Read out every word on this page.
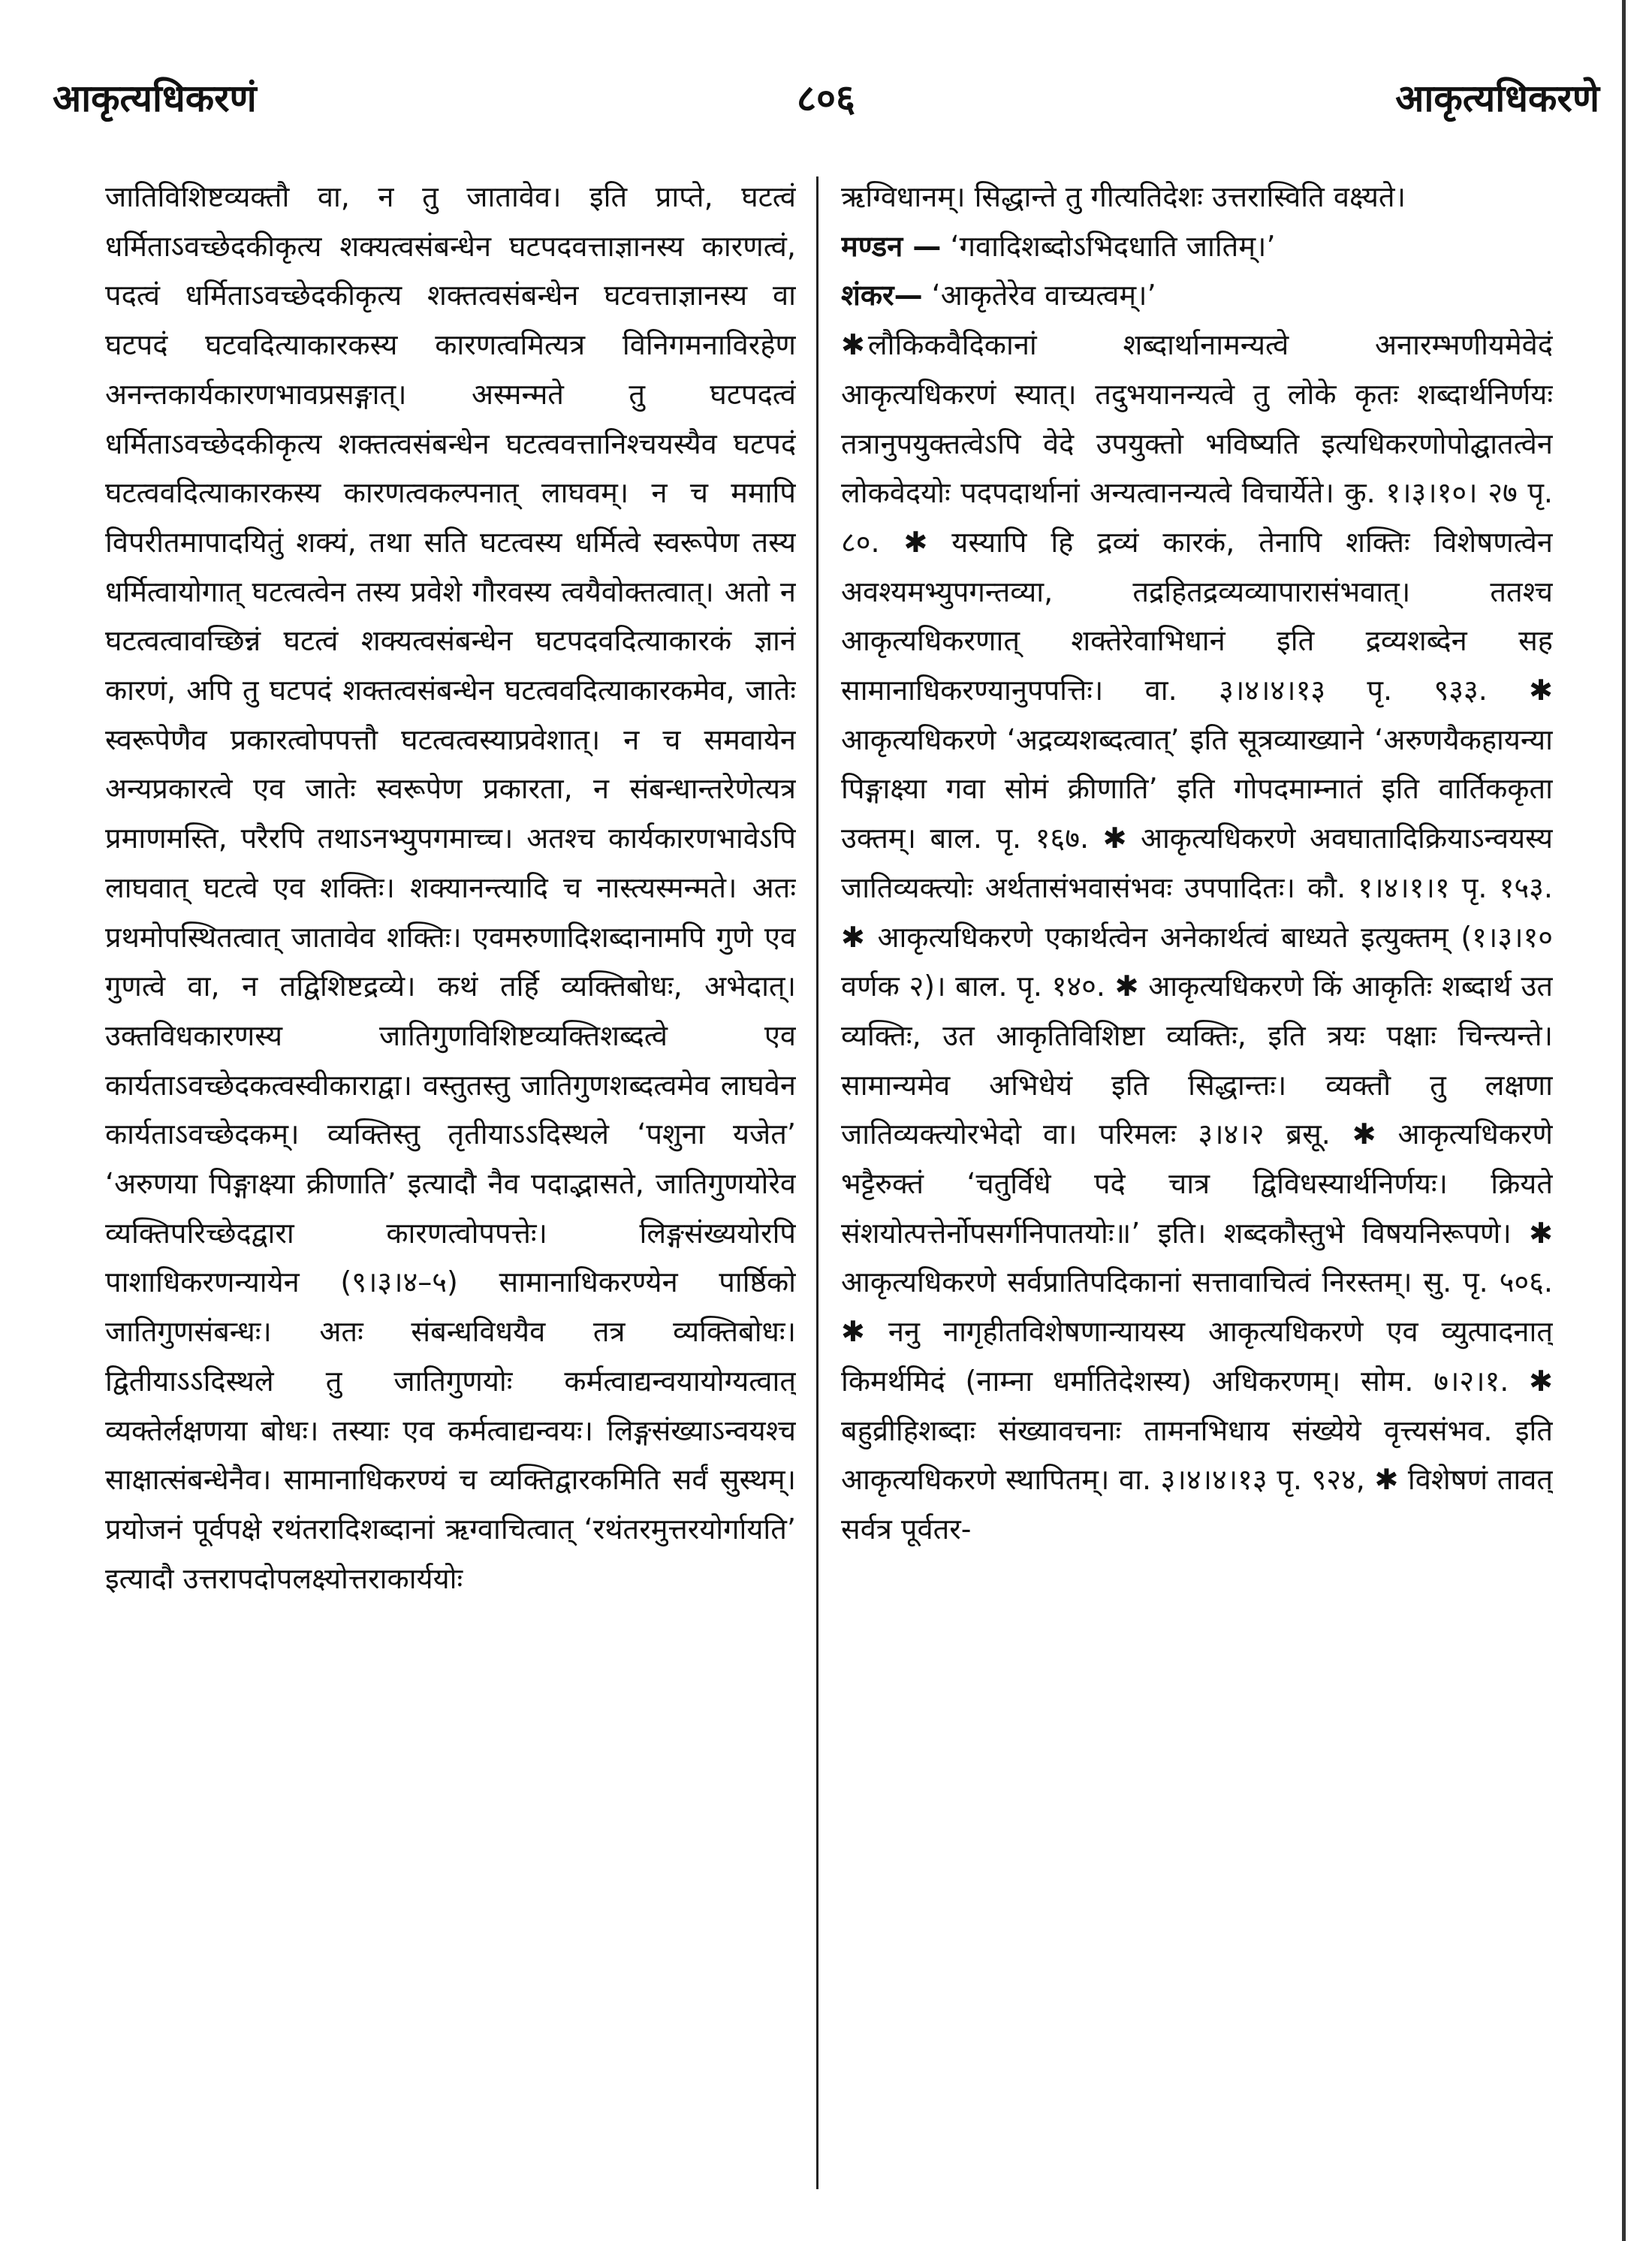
आकृत्यधिकरणं	८०६	आकृत्यधिकरणे

जातिविशिष्टव्यक्तौ वा, न तु जातावेव। इति प्राप्ते, घटत्वं धर्मिताऽवच्छेदकीकृत्य शक्यत्वसंबन्धेन घटपदवत्ताज्ञानस्य कारणत्वं, पदत्वं धर्मिताऽवच्छेदकीकृत्य शक्तत्वसंबन्धेन घटवत्ताज्ञानस्य वा घटपदं घटवदित्याकारकस्य कारणत्वमित्यत्र विनिगमनाविरहेण अनन्तकार्यकारणभावप्रसङ्गात्। अस्मन्मते तु घटपदत्वं धर्मिताऽवच्छेदकीकृत्य शक्तत्वसंबन्धेन घटत्ववत्तानिश्चयस्यैव घटपदं घटत्ववदित्याकारकस्य कारणत्वकल्पनात् लाघवम्। न च ममापि विपरीतमापादयितुं शक्यं, तथा सति घटत्वस्य धर्मित्वे स्वरूपेण तस्य धर्मित्वायोगात् घटत्वत्वेन तस्य प्रवेशे गौरवस्य त्वयैवोक्तत्वात्। अतो न घटत्वत्वावच्छिन्नं घटत्वं शक्यत्वसंबन्धेन घटपदवदित्याकारकं ज्ञानं कारणं, अपि तु घटपदं शक्तत्वसंबन्धेन घटत्ववदित्याकारकमेव, जातेः स्वरूपेणैव प्रकारत्वोपपत्तौ घटत्वत्वस्याप्रवेशात्। न च समवायेन अन्यप्रकारत्वे एव जातेः स्वरूपेण प्रकारता, न संबन्धान्तरेणेत्यत्र प्रमाणमस्ति, परैरपि तथाऽनभ्युपगमाच्च। अतश्च कार्यकारणभावेऽपि लाघवात् घटत्वे एव शक्तिः। शक्यानन्त्यादि च नास्त्यस्मन्मते। अतः प्रथमोपस्थितत्वात् जातावेव शक्तिः। एवमरुणादिशब्दानामपि गुणे एव गुणत्वे वा, न तद्विशिष्टद्रव्ये। कथं तर्हि व्यक्तिबोधः, अभेदात्। उक्तविधकारणस्य जातिगुणविशिष्टव्यक्तिशब्दत्वे एव कार्यताऽवच्छेदकत्वस्वीकाराद्वा। वस्तुतस्तु जातिगुणशब्दत्वमेव लाघवेन कार्यताऽवच्छेदकम्। व्यक्तिस्तु तृतीयाऽऽदिस्थले ‘पशुना यजेत’ ‘अरुणया पिङ्गाक्ष्या क्रीणाति’ इत्यादौ नैव पदाद्भासते, जातिगुणयोरेव व्यक्तिपरिच्छेदद्वारा कारणत्वोपपत्तेः। लिङ्गसंख्ययोरपि पाशाधिकरणन्यायेन (९।३।४–५) सामानाधिकरण्येन पार्ष्ठिको जातिगुणसंबन्धः। अतः संबन्धविधयैव तत्र व्यक्तिबोधः। द्वितीयाऽऽदिस्थले तु जातिगुणयोः कर्मत्वाद्यन्वयायोग्यत्वात् व्यक्तेर्लक्षणया बोधः। तस्याः एव कर्मत्वाद्यन्वयः। लिङ्गसंख्याऽन्वयश्च साक्षात्संबन्धेनैव। सामानाधिकरण्यं च व्यक्तिद्वारकमिति सर्वं सुस्थम्। प्रयोजनं पूर्वपक्षे रथंतरादिशब्दानां ऋग्वाचित्वात् ‘रथंतरमुत्तरयोर्गायति’ इत्यादौ उत्तरापदोपलक्ष्योत्तराकार्ययोः

ऋग्विधानम्। सिद्धान्ते तु गीत्यतिदेशः उत्तरास्विति वक्ष्यते।

मण्डन — ‘गवादिशब्दोऽभिदधाति जातिम्।’
शंकर— ‘आकृतेरेव वाच्यत्वम्।’

✱ लौकिकवैदिकानां शब्दार्थानामन्यत्वे अनारम्भणीयमेवेदं आकृत्यधिकरणं स्यात्। तदुभयानन्यत्वे तु लोके कृतः शब्दार्थनिर्णयः तत्रानुपयुक्तत्वेऽपि वेदे उपयुक्तो भविष्यति इत्यधिकरणोपोद्घातत्वेन लोकवेदयोः पदपदार्थानां अन्यत्वानन्यत्वे विचार्येते। कु. १।३।१०। २७ पृ. ८०. ✱ यस्यापि हि द्रव्यं कारकं, तेनापि शक्तिः विशेषणत्वेन अवश्यमभ्युपगन्तव्या, तद्रहितद्रव्यव्यापारासंभवात्। ततश्च आकृत्यधिकरणात् शक्तेरेवाभिधानं इति द्रव्यशब्देन सह सामानाधिकरण्यानुपपत्तिः। वा. ३।४।४।१३ पृ. ९३३. ✱ आकृत्यधिकरणे ‘अद्रव्यशब्दत्वात्’ इति सूत्रव्याख्याने ‘अरुणयैकहायन्या पिङ्गाक्ष्या गवा सोमं क्रीणाति’ इति गोपदमाम्नातं इति वार्तिककृता उक्तम्। बाल. पृ. १६७. ✱ आकृत्यधिकरणे अवघातादिक्रियाऽन्वयस्य जातिव्यक्त्योः अर्थतासंभवासंभवः उपपादितः। कौ. १।४।१।१ पृ. १५३. ✱ आकृत्यधिकरणे एकार्थत्वेन अनेकार्थत्वं बाध्यते इत्युक्तम् (१।३।१० वर्णक २)। बाल. पृ. १४०. ✱ आकृत्यधिकरणे किं आकृतिः शब्दार्थ उत व्यक्तिः, उत आकृतिविशिष्टा व्यक्तिः, इति त्रयः पक्षाः चिन्त्यन्ते। सामान्यमेव अभिधेयं इति सिद्धान्तः। व्यक्तौ तु लक्षणा जातिव्यक्त्योरभेदो वा। परिमलः ३।४।२ ब्रसू. ✱ आकृत्यधिकरणे भट्टैरुक्तं ‘चतुर्विधे पदे चात्र द्विविधस्यार्थनिर्णयः। क्रियते संशयोत्पत्तेर्नोपसर्गनिपातयोः॥’ इति। शब्दकौस्तुभे विषयनिरूपणे। ✱ आकृत्यधिकरणे सर्वप्रातिपदिकानां सत्तावाचित्वं निरस्तम्। सु. पृ. ५०६. ✱ ननु नागृहीतविशेषणान्यायस्य आकृत्यधिकरणे एव व्युत्पादनात् किमर्थमिदं (नाम्ना धर्मातिदेशस्य) अधिकरणम्। सोम. ७।२।१. ✱ बहुव्रीहिशब्दाः संख्यावचनाः तामनभिधाय संख्येये वृत्त्यसंभव. इति आकृत्यधिकरणे स्थापितम्। वा. ३।४।४।१३ पृ. ९२४, ✱ विशेषणं तावत् सर्वत्र पूर्वतर-
